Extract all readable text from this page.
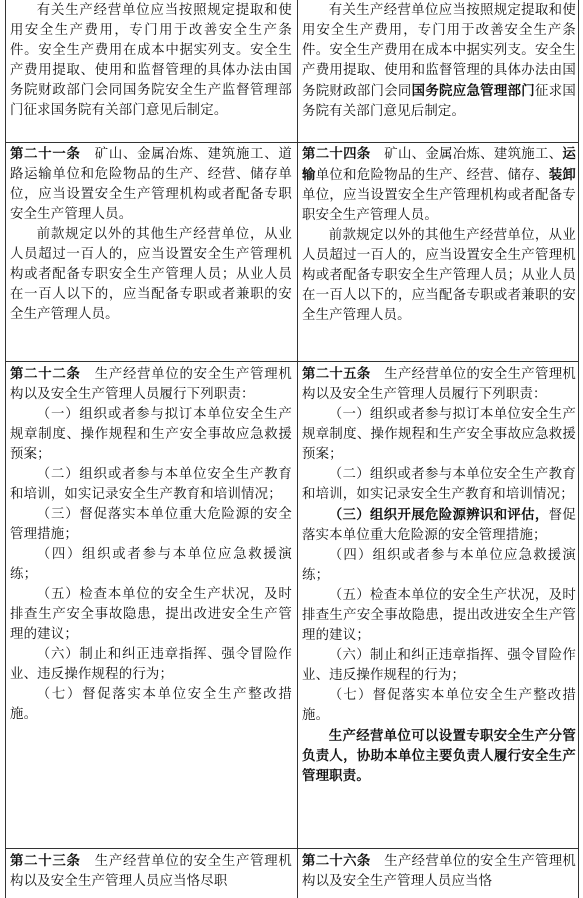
有关生产经营单位应当按照规定提取和使用安全生产费用，专门用于改善安全生产条件。安全生产费用在成本中据实列支。安全生产费用提取、使用和监督管理的具体办法由国务院财政部门会同国务院安全生产监督管理部门征求国务院有关部门意见后制定。

有关生产经营单位应当按照规定提取和使用安全生产费用，专门用于改善安全生产条件。安全生产费用在成本中据实列支。安全生产费用提取、使用和监督管理的具体办法由国务院财政部门会同国务院应急管理部门征求国务院有关部门意见后制定。

第二十一条　 矿山、金属冶炼、建筑施工、道路运输单位和危险物品的生产、经营、储存单位，应当设置安全生产管理机构或者配备专职安全生产管理人员。

前款规定以外的其他生产经营单位，从业人员超过一百人的，应当设置安全生产管理机构或者配备专职安全生产管理人员；从业人员在一百人以下的，应当配备专职或者兼职的安全生产管理人员。

第二十四条　 矿山、金属冶炼、建筑施工、运输单位和危险物品的生产、经营、储存、装卸单位，应当设置安全生产管理机构或者配备专职安全生产管理人员。

前款规定以外的其他生产经营单位，从业人员超过一百人的，应当设置安全生产管理机构或者配备专职安全生产管理人员；从业人员在一百人以下的，应当配备专职或者兼职的安全生产管理人员。

第二十二条　 生产经营单位的安全生产管理机构以及安全生产管理人员履行下列职责：

（一）组织或者参与拟订本单位安全生产规章制度、操作规程和生产安全事故应急救援预案；

（二）组织或者参与本单位安全生产教育和培训，如实记录安全生产教育和培训情况；

（三）督促落实本单位重大危险源的安全管理措施；

（四）组织或者参与本单位应急救援演练；

（五）检查本单位的安全生产状况，及时排查生产安全事故隐患，提出改进安全生产管理的建议；

（六）制止和纠正违章指挥、强令冒险作业、违反操作规程的行为；

（七）督促落实本单位安全生产整改措施。

第二十五条　 生产经营单位的安全生产管理机构以及安全生产管理人员履行下列职责：

（一）组织或者参与拟订本单位安全生产规章制度、操作规程和生产安全事故应急救援预案；

（二）组织或者参与本单位安全生产教育和培训，如实记录安全生产教育和培训情况；

（三）组织开展危险源辨识和评估，督促落实本单位重大危险源的安全管理措施；

（四）组织或者参与本单位应急救援演练；

（五）检查本单位的安全生产状况，及时排查生产安全事故隐患，提出改进安全生产管理的建议；

（六）制止和纠正违章指挥、强令冒险作业、违反操作规程的行为；

（七）督促落实本单位安全生产整改措施。

生产经营单位可以设置专职安全生产分管负责人，协助本单位主要负责人履行安全生产管理职责。

第二十三条　 生产经营单位的安全生产管理机构以及安全生产管理人员应当恪尽职

第二十六条　 生产经营单位的安全生产管理机构以及安全生产管理人员应当恪
